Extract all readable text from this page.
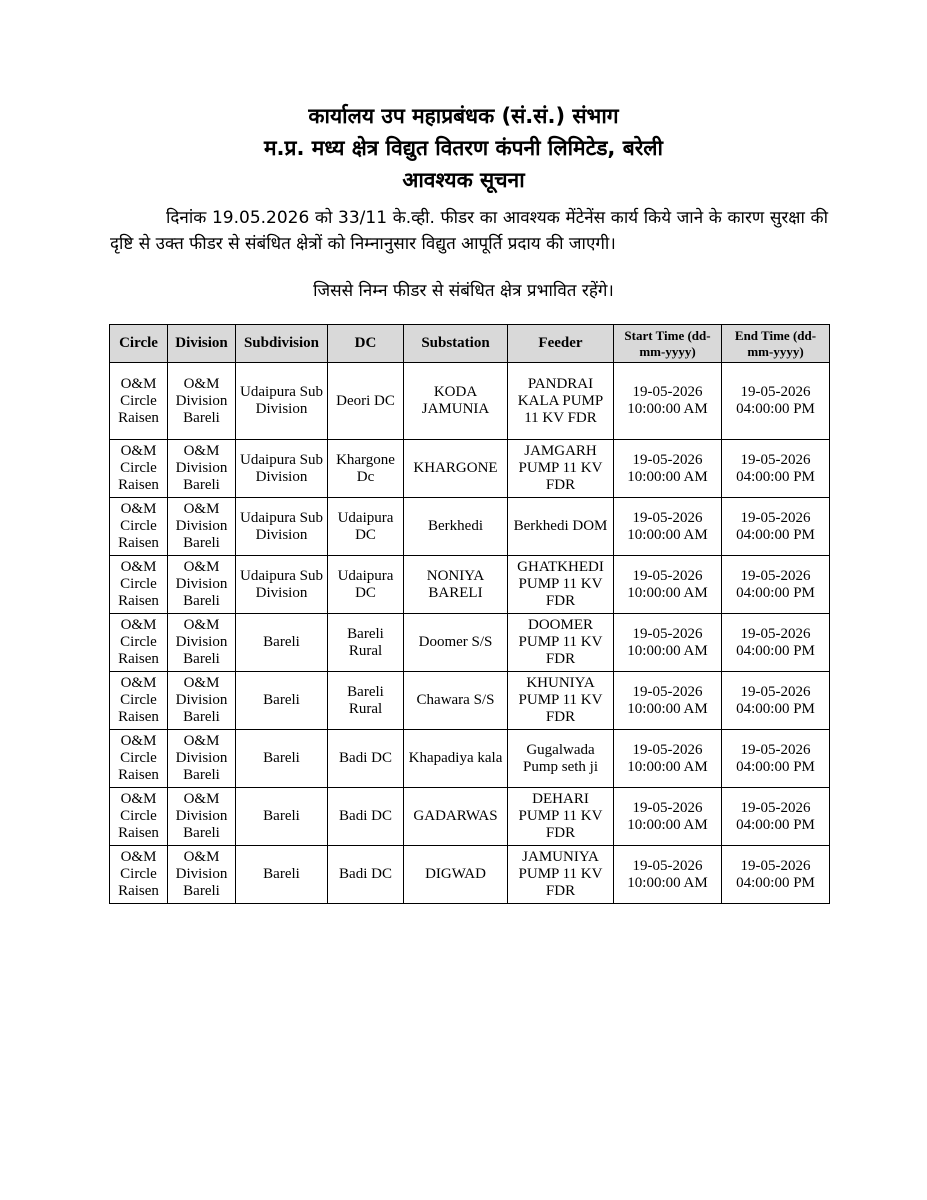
कार्यालय उप महाप्रबंधक (सं.सं.) संभाग
म.प्र. मध्य क्षेत्र विद्युत वितरण कंपनी लिमिटेड, बरेली
आवश्यक सूचना
दिनांक 19.05.2026 को 33/11 के.व्ही. फीडर का आवश्यक मेंटेनेंस कार्य किये जाने के कारण सुरक्षा की दृष्टि से उक्त फीडर से संबंधित क्षेत्रों को निम्नानुसार विद्युत आपूर्ति प्रदाय की जाएगी।
जिससे निम्न फीडर से संबंधित क्षेत्र प्रभावित रहेंगे।
Circle	Division	Subdivision	DC	Substation	Feeder	Start Time (dd-mm-yyyy)	End Time (dd-mm-yyyy)
O&M Circle Raisen	O&M Division Bareli	Udaipura Sub Division	Deori DC	KODA JAMUNIA	PANDRAI KALA PUMP 11 KV FDR	19-05-2026 10:00:00 AM	19-05-2026 04:00:00 PM
O&M Circle Raisen	O&M Division Bareli	Udaipura Sub Division	Khargone Dc	KHARGONE	JAMGARH PUMP 11 KV FDR	19-05-2026 10:00:00 AM	19-05-2026 04:00:00 PM
O&M Circle Raisen	O&M Division Bareli	Udaipura Sub Division	Udaipura DC	Berkhedi	Berkhedi DOM	19-05-2026 10:00:00 AM	19-05-2026 04:00:00 PM
O&M Circle Raisen	O&M Division Bareli	Udaipura Sub Division	Udaipura DC	NONIYA BARELI	GHATKHEDI PUMP 11 KV FDR	19-05-2026 10:00:00 AM	19-05-2026 04:00:00 PM
O&M Circle Raisen	O&M Division Bareli	Bareli	Bareli Rural	Doomer S/S	DOOMER PUMP 11 KV FDR	19-05-2026 10:00:00 AM	19-05-2026 04:00:00 PM
O&M Circle Raisen	O&M Division Bareli	Bareli	Bareli Rural	Chawara S/S	KHUNIYA PUMP 11 KV FDR	19-05-2026 10:00:00 AM	19-05-2026 04:00:00 PM
O&M Circle Raisen	O&M Division Bareli	Bareli	Badi DC	Khapadiya kala	Gugalwada Pump seth ji	19-05-2026 10:00:00 AM	19-05-2026 04:00:00 PM
O&M Circle Raisen	O&M Division Bareli	Bareli	Badi DC	GADARWAS	DEHARI PUMP 11 KV FDR	19-05-2026 10:00:00 AM	19-05-2026 04:00:00 PM
O&M Circle Raisen	O&M Division Bareli	Bareli	Badi DC	DIGWAD	JAMUNIYA PUMP 11 KV FDR	19-05-2026 10:00:00 AM	19-05-2026 04:00:00 PM
